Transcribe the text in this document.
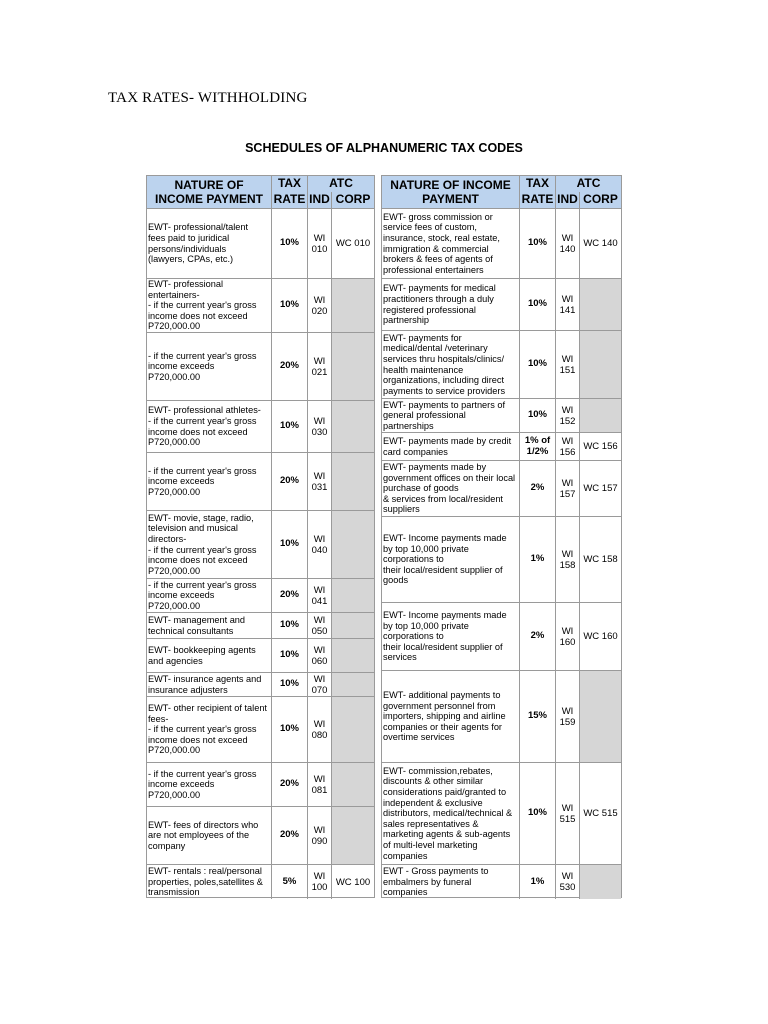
TAX RATES- WITHHOLDING
SCHEDULES OF ALPHANUMERIC TAX CODES
NATURE OF
INCOME PAYMENT
TAX
RATE
ATC
IND CORP
EWT- professional/talent
fees paid to juridical
persons/individuals
(lawyers, CPAs, etc.)
10% WI
010 WC 010
EWT- professional
entertainers-
- if the current year's gross
income does not exceed
P720,000.00
10% WI
020
- if the current year's gross
income exceeds
P720,000.00
20% WI
021
EWT- professional athletes-
- if the current year's gross
income does not exceed
P720,000.00
10% WI
030
- if the current year's gross
income exceeds
P720,000.00
20% WI
031
EWT- movie, stage, radio,
television and musical
directors-
- if the current year's gross
income does not exceed
P720,000.00
10% WI
040
- if the current year's gross
income exceeds
P720,000.00
20% WI
041
EWT- management and
technical consultants
10% WI
050
EWT- bookkeeping agents
and agencies
10% WI
060
EWT- insurance agents and
insurance adjusters
10% WI
070
EWT- other recipient of talent
fees-
- if the current year's gross
income does not exceed
P720,000.00
10% WI
080
- if the current year's gross
income exceeds
P720,000.00
20% WI
081
EWT- fees of directors who
are not employees of the
company
20% WI
090
EWT- rentals : real/personal
properties, poles,satellites &
transmission
5% WI
100 WC 100
NATURE OF INCOME
PAYMENT
TAX
RATE
ATC
IND CORP
EWT- gross commission or
service fees of custom,
insurance, stock, real estate,
immigration & commercial
brokers & fees of agents of
professional entertainers
10% WI
140 WC 140
EWT- payments for medical
practitioners through a duly
registered professional
partnership
10% WI
141
EWT- payments for
medical/dental /veterinary
services thru hospitals/clinics/
health maintenance
organizations, including direct
payments to service providers
10% WI
151
EWT- payments to partners of
general professional
partnerships
10% WI
152
EWT- payments made by credit
card companies
1% of
1/2%
WI
156 WC 156
EWT- payments made by
government offices on their local
purchase of goods
& services from local/resident
suppliers
2% WI
157 WC 157
EWT- Income payments made
by top 10,000 private
corporations to
their local/resident supplier of
goods
1% WI
158 WC 158
EWT- Income payments made
by top 10,000 private
corporations to
their local/resident supplier of
services
2% WI
160 WC 160
EWT- additional payments to
government personnel from
importers, shipping and airline
companies or their agents for
overtime services
15% WI
159
EWT- commission,rebates,
discounts & other similar
considerations paid/granted to
independent & exclusive
distributors, medical/technical &
sales representatives &
marketing agents & sub-agents
of multi-level marketing
companies
10% WI
515 WC 515
EWT - Gross payments to
embalmers by funeral
companies
1% WI
530
